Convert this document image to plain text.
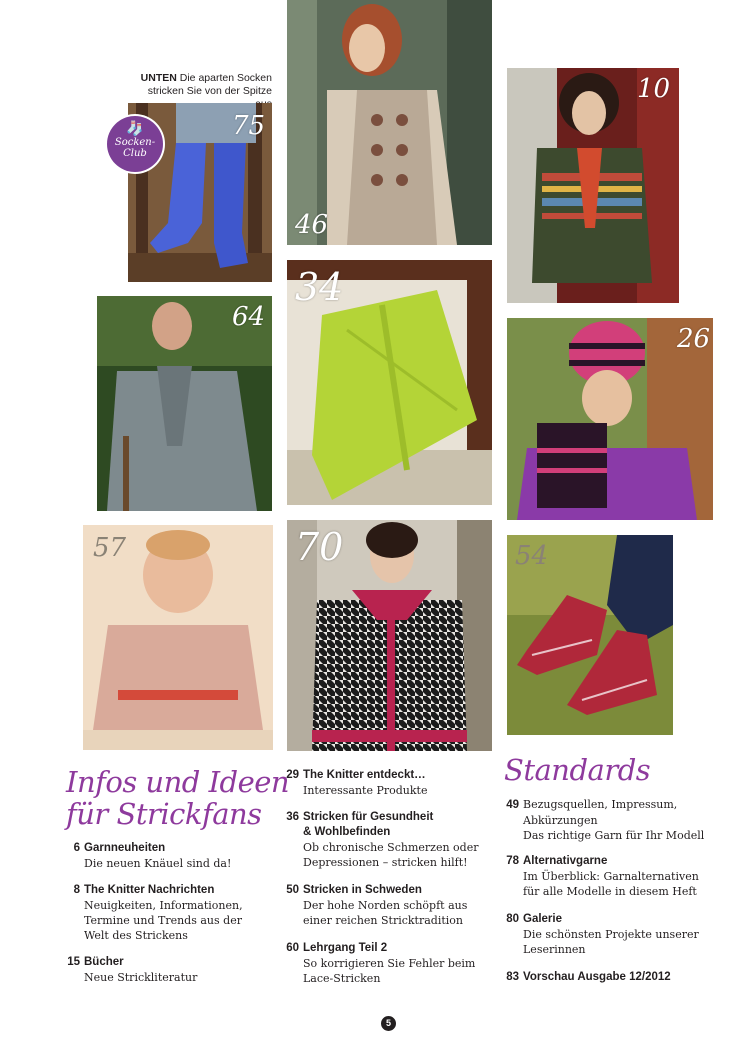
UNTEN Die aparten Socken stricken Sie von der Spitze
75
🧦
Socken-
Club
46
10
64
34
26
57	70	54
Infos und Ideen
für Strickfans
6 Garnneuheiten
Die neuen Knäuel sind da!
8 The Knitter Nachrichten
Neuigkeiten, Informationen,
Termine und Trends aus der
Welt des Strickens
15 Bücher
Neue Strickliteratur
29 The Knitter entdeckt…
Interessante Produkte
36 Stricken für Gesundheit
& Wohlbefinden
Ob chronische Schmerzen oder
Depressionen – stricken hilft!
50 Stricken in Schweden
Der hohe Norden schöpft aus
einer reichen Stricktradition
60 Lehrgang Teil 2
So korrigieren Sie Fehler beim
Lace-Stricken
Standards
49 Bezugsquellen, Impressum,
Abkürzungen
Das richtige Garn für Ihr Modell
78 Alternativgarne
Im Überblick: Garnalternativen
für alle Modelle in diesem Heft
80 Galerie
Die schönsten Projekte unserer
Leserinnen
83 Vorschau Ausgabe 12/2012
5
